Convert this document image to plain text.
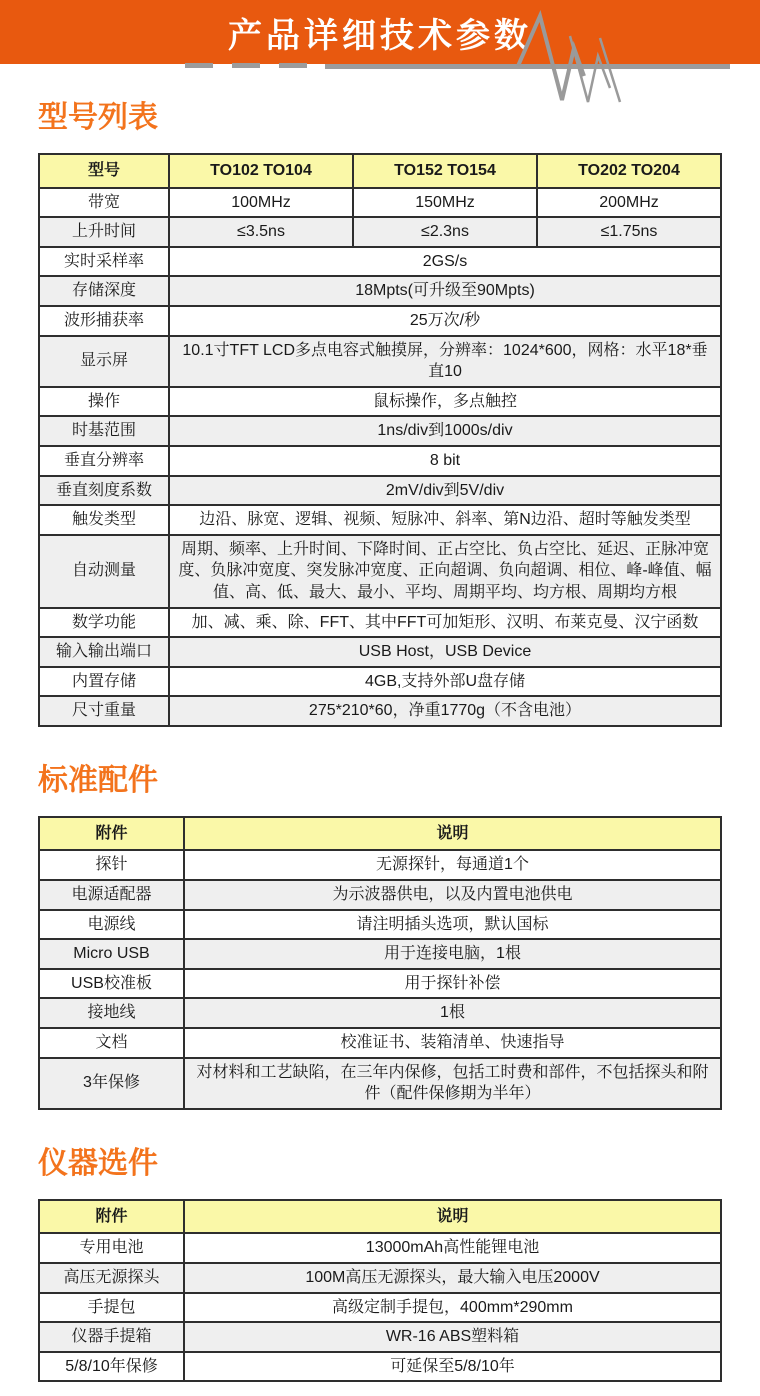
产品详细技术参数
型号列表
型号	TO102 TO104	TO152 TO154	TO202 TO204
带宽	100MHz	150MHz	200MHz
上升时间	≤3.5ns	≤2.3ns	≤1.75ns
实时采样率	2GS/s		
存储深度	18Mpts(可升级至90Mpts)		
波形捕获率	25万次/秒		
显示屏	10.1寸TFT LCD多点电容式触摸屏，分辨率：1024*600，网格：水平18*垂直10		
操作	鼠标操作，多点触控		
时基范围	1ns/div到1000s/div		
垂直分辨率	8 bit		
垂直刻度系数	2mV/div到5V/div		
触发类型	边沿、脉宽、逻辑、视频、短脉冲、斜率、第N边沿、超时等触发类型		
自动测量	周期、频率、上升时间、下降时间、正占空比、负占空比、延迟、正脉冲宽度、负脉冲宽度、突发脉冲宽度、正向超调、负向超调、相位、峰-峰值、幅值、高、低、最大、最小、平均、周期平均、均方根、周期均方根		
数学功能	加、减、乘、除、FFT、其中FFT可加矩形、汉明、布莱克曼、汉宁函数		
输入输出端口	USB Host，USB Device		
内置存储	4GB,支持外部U盘存储		
尺寸重量	275*210*60，净重1770g（不含电池）		
标准配件
附件	说明
探针	无源探针，每通道1个
电源适配器	为示波器供电，以及内置电池供电
电源线	请注明插头选项，默认国标
Micro USB	用于连接电脑，1根
USB校准板	用于探针补偿
接地线	1根
文档	校准证书、装箱清单、快速指导
3年保修	对材料和工艺缺陷，在三年内保修，包括工时费和部件，不包括探头和附件（配件保修期为半年）
仪器选件
附件	说明
专用电池	13000mAh高性能锂电池
高压无源探头	100M高压无源探头，最大输入电压2000V
手提包	高级定制手提包，400mm*290mm
仪器手提箱	WR-16 ABS塑料箱
5/8/10年保修	可延保至5/8/10年
